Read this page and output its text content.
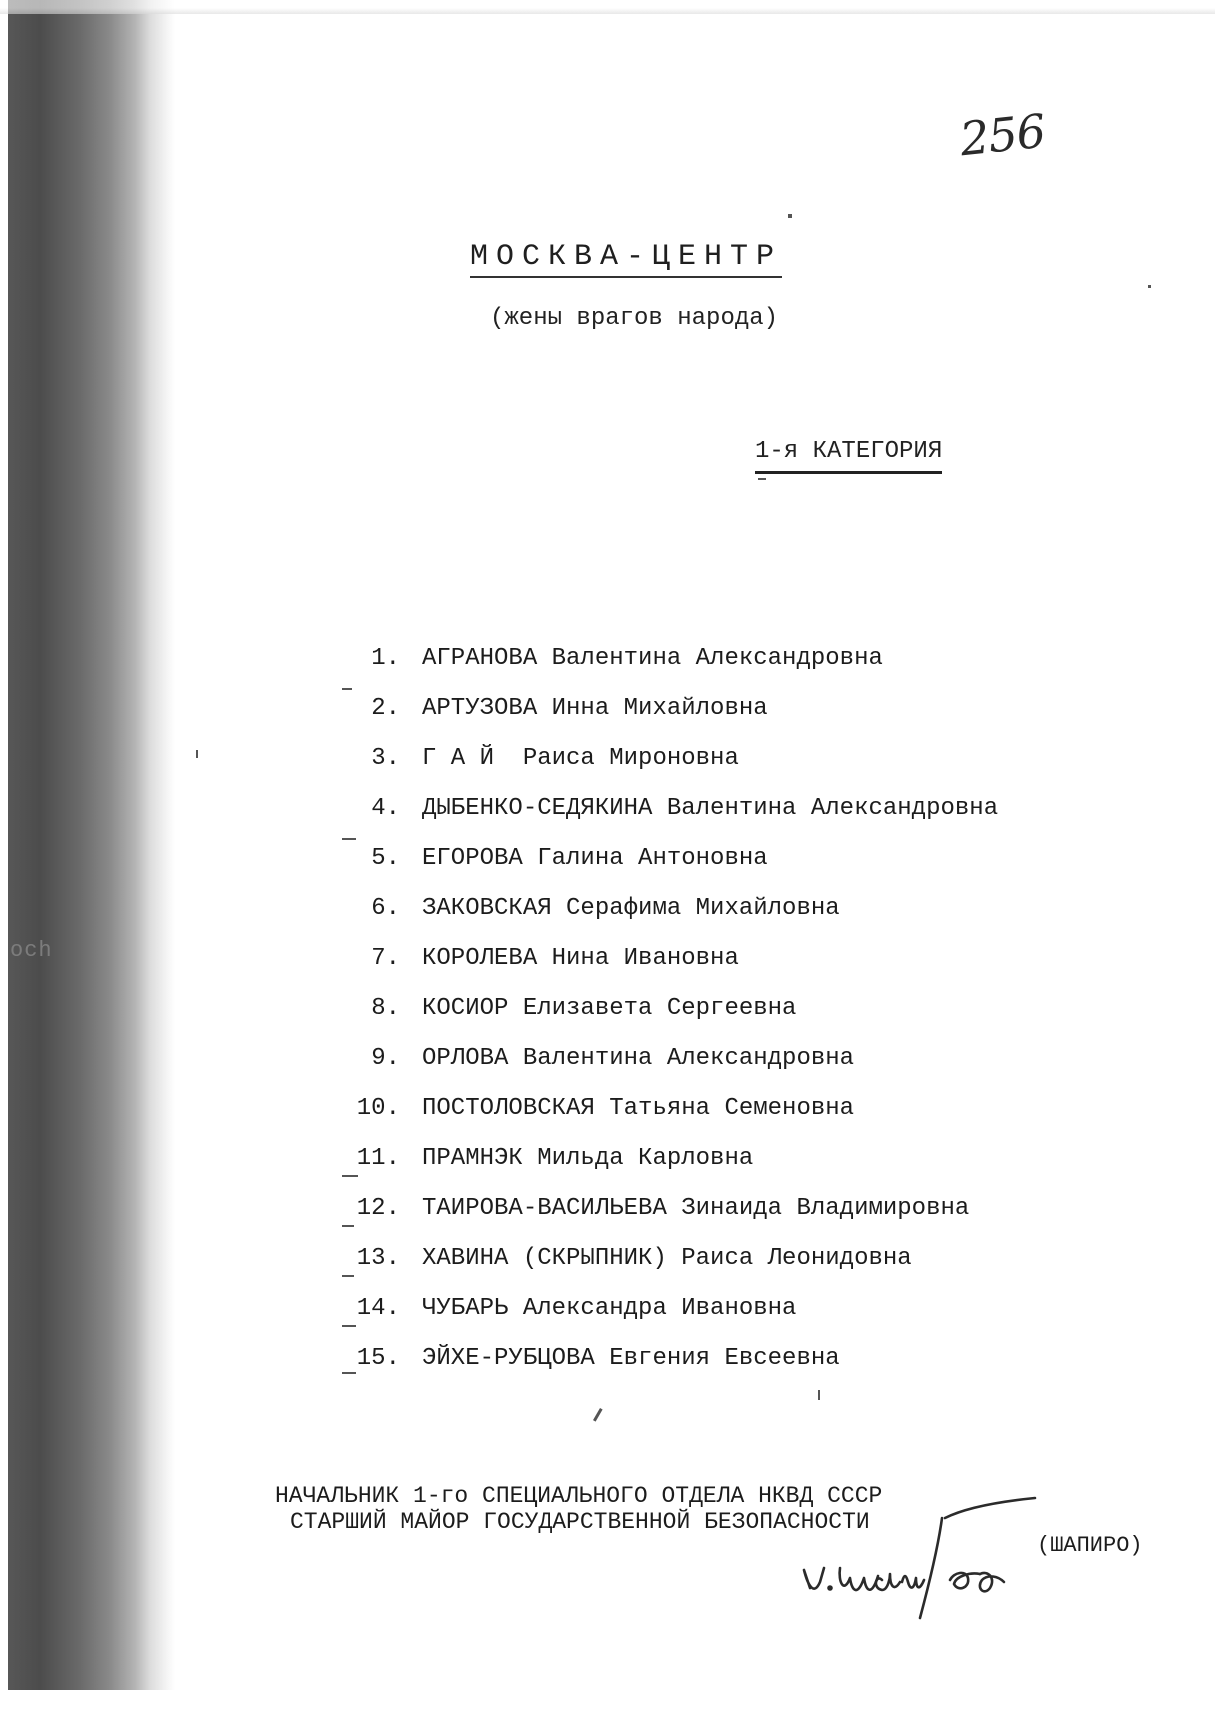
och
256
МОСКВА-ЦЕНТР
(жены врагов народа)
1-я КАТЕГОРИЯ
1. АГРАНОВА Валентина Александровна
2. АРТУЗОВА Инна Михайловна
3. Г А Й  Раиса Мироновна
4. ДЫБЕНКО-СЕДЯКИНА Валентина Александровна
5. ЕГОРОВА Галина Антоновна
6. ЗАКОВСКАЯ Серафима Михайловна
7. КОРОЛЕВА Нина Ивановна
8. КОСИОР Елизавета Сергеевна
9. ОРЛОВА Валентина Александровна
10. ПОСТОЛОВСКАЯ Татьяна Семеновна
11. ПРАМНЭК Мильда Карловна
12. ТАИРОВА-ВАСИЛЬЕВА Зинаида Владимировна
13. ХАВИНА (СКРЫПНИК) Раиса Леонидовна
14. ЧУБАРЬ Александра Ивановна
15. ЭЙХЕ-РУБЦОВА Евгения Евсеевна
НАЧАЛЬНИК 1-го СПЕЦИАЛЬНОГО ОТДЕЛА НКВД СССР
СТАРШИЙ МАЙОР ГОСУДАРСТВЕННОЙ БЕЗОПАСНОСТИ
(ШАПИРО)
